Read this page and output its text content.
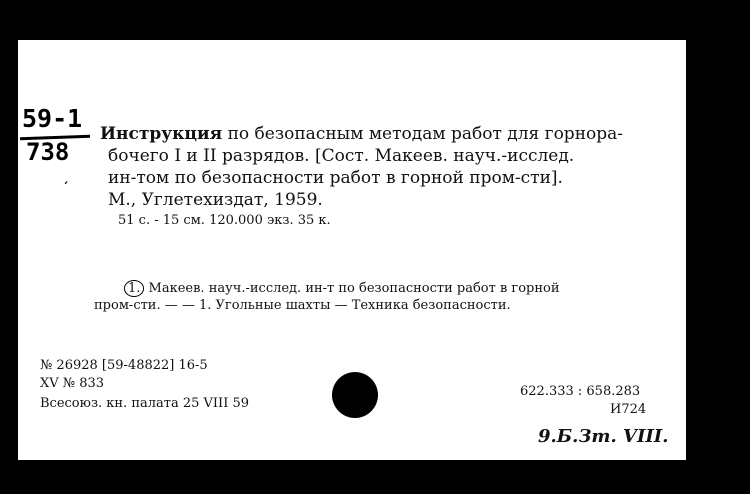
59-1
738
′
Инструкция по безопасным методам работ для горнора-
бочего I и II разрядов. [Сост. Макеев. науч.-исслед.
ин-том по безопасности работ в горной пром-сти].
М., Углетехиздат, 1959.
51 с. - 15 см. 120.000 экз. 35 к.
1. Макеев. науч.-исслед. ин-т по безопасности работ в горной
пром-сти. — — 1. Угольные шахты — Техника безопасности.
№ 26928 [59-48822] 16-5
XV № 833
Всесоюз. кн. палата 25 VIII 59
622.333 : 658.283
И724
9.Б.Зт. VIII.
